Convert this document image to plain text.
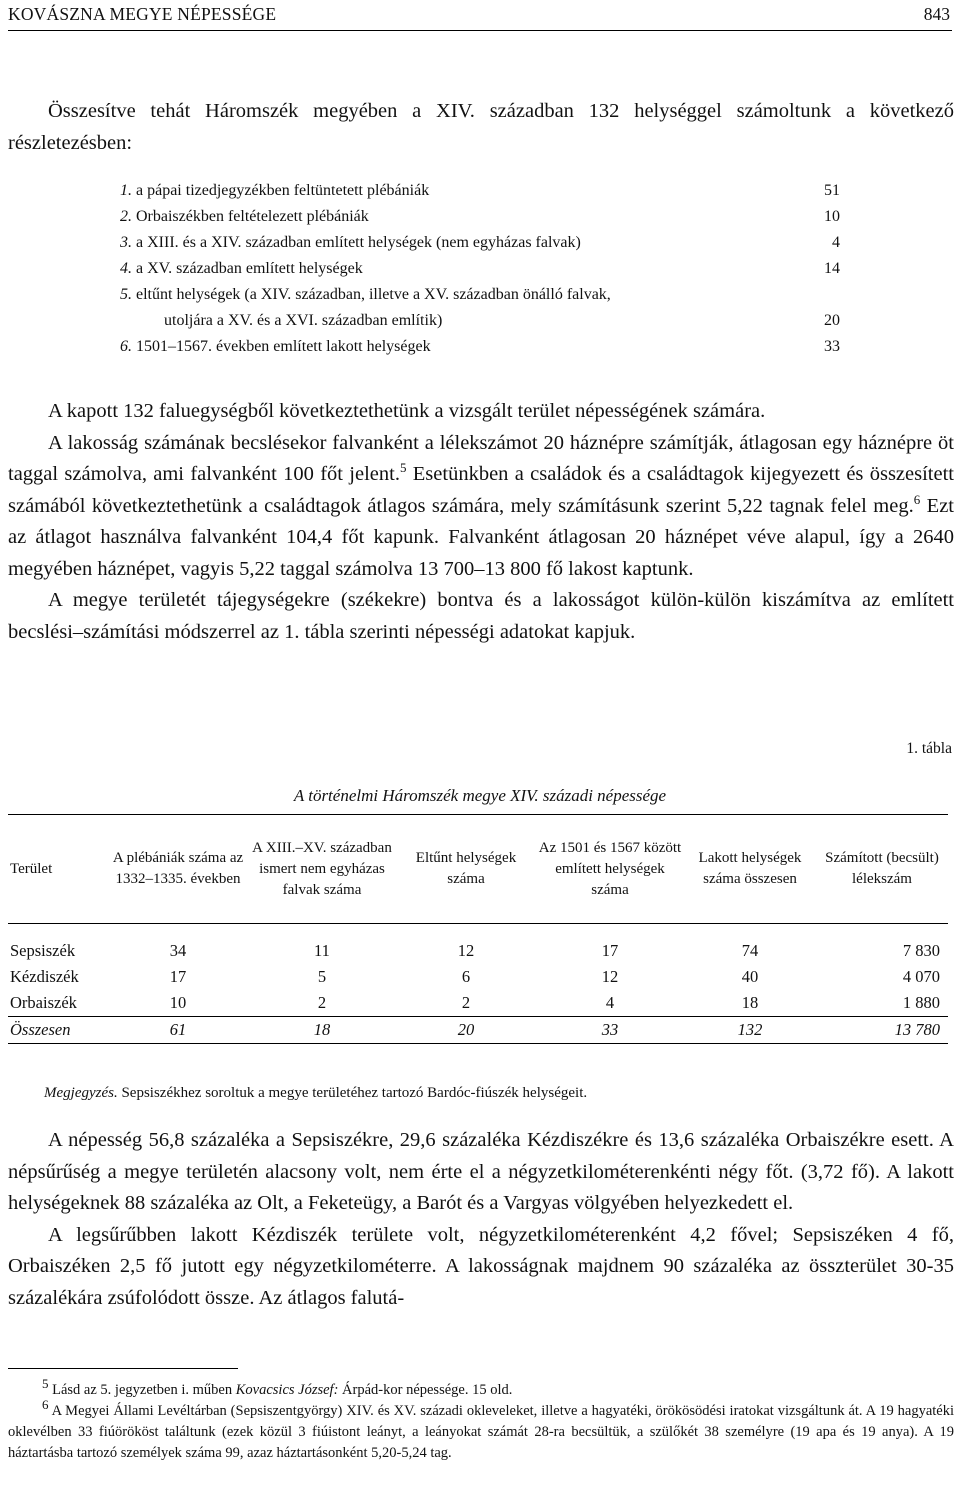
KOVÁSZNA MEGYE NÉPESSÉGE	843
Összesítve tehát Háromszék megyében a XIV. században 132 helységgel számoltunk a következő részletezésben:
1. a pápai tizedjegyzékben feltüntetett plébániák	51
2. Orbaiszékben feltételezett plébániák	10
3. a XIII. és a XIV. században említett helységek (nem egyházas falvak)	4
4. a XV. században említett helységek	14
5. eltűnt helységek (a XIV. században, illetve a XV. században önálló falvak,
utoljára a XV. és a XVI. században említik)	20
6. 1501–1567. években említett lakott helységek	33

A kapott 132 faluegységből következtethetünk a vizsgált terület népességének számára.

A lakosság számának becslésekor falvanként a lélekszámot 20 háznépre számítják, átlagosan egy háznépre öt taggal számolva, ami falvanként 100 főt jelent.$^5$ Esetünkben a családok és a családtagok kijegyezett és összesített számából következtethetünk a családtagok átlagos számára, mely számításunk szerint 5,22 tagnak felel meg.$^6$ Ezt az átlagot használva falvanként 104,4 főt kapunk. Falvanként átlagosan 20 háznépet véve alapul, így a 2640 megyében háznépet, vagyis 5,22 taggal számolva 13 700–13 800 fő lakost kaptunk.

A megye területét tájegységekre (székekre) bontva és a lakosságot külön-külön kiszámítva az említett becslési–számítási módszerrel az 1. tábla szerinti népességi adatokat kapjuk.

1. tábla
A történelmi Háromszék megye XIV. századi népessége
Terület	A plébániák száma az 1332–1335. években	A XIII.–XV. században ismert nem egyházas falvak száma	Eltűnt helységek száma	Az 1501 és 1567 között említett helységek száma	Lakott helységek száma összesen	Számított (becsült) lélekszám

Sepsiszék	34	11	12	17	74	7 830
Kézdiszék	17	5	6	12	40	4 070
Orbaiszék	10	2	2	4	18	1 880
Összesen	61	18	20	33	132	13 780
Megjegyzés. Sepsiszékhez soroltuk a megye területéhez tartozó Bardóc-fiúszék helységeit.

A népesség 56,8 százaléka a Sepsiszékre, 29,6 százaléka Kézdiszékre és 13,6 százaléka Orbaiszékre esett. A népsűrűség a megye területén alacsony volt, nem érte el a négyzetkilométerenkénti négy főt. (3,72 fő). A lakott helységeknek 88 százaléka az Olt, a Feketeügy, a Barót és a Vargyas völgyében helyezkedett el.

A legsűrűbben lakott Kézdiszék területe volt, négyzetkilométerenként 4,2 fővel; Sepsiszéken 4 fő, Orbaiszéken 2,5 fő jutott egy négyzetkilométerre. A lakosságnak majdnem 90 százaléka az összterület 30-35 százalékára zsúfolódott össze. Az átlagos falutá-

$^5$ Lásd az 5. jegyzetben i. műben Kovacsics József: Árpád-kor népessége. 15 old.
$^6$ A Megyei Állami Levéltárban (Sepsiszentgyörgy) XIV. és XV. századi okleveleket, illetve a hagyatéki, örökösödési iratokat vizsgáltunk át. A 19 hagyatéki oklevélben 33 fiúörököst találtunk (ezek közül 3 fiúistont leányt, a leányokat számát 28-ra becsültük, a szülőkét 38 személyre (19 apa és 19 anya). A 19 háztartásba tartozó személyek száma 99, azaz háztartásonként 5,20-5,24 tag.
